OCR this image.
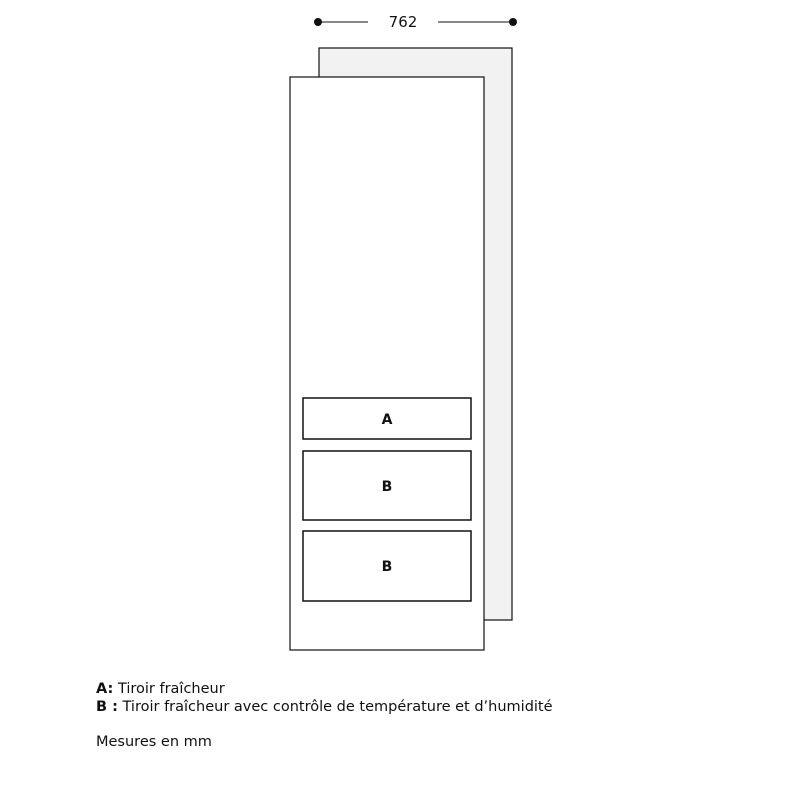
762
A
B
B
A: Tiroir fraîcheur
B : Tiroir fraîcheur avec contrôle de température et d’humidité
Mesures en mm
